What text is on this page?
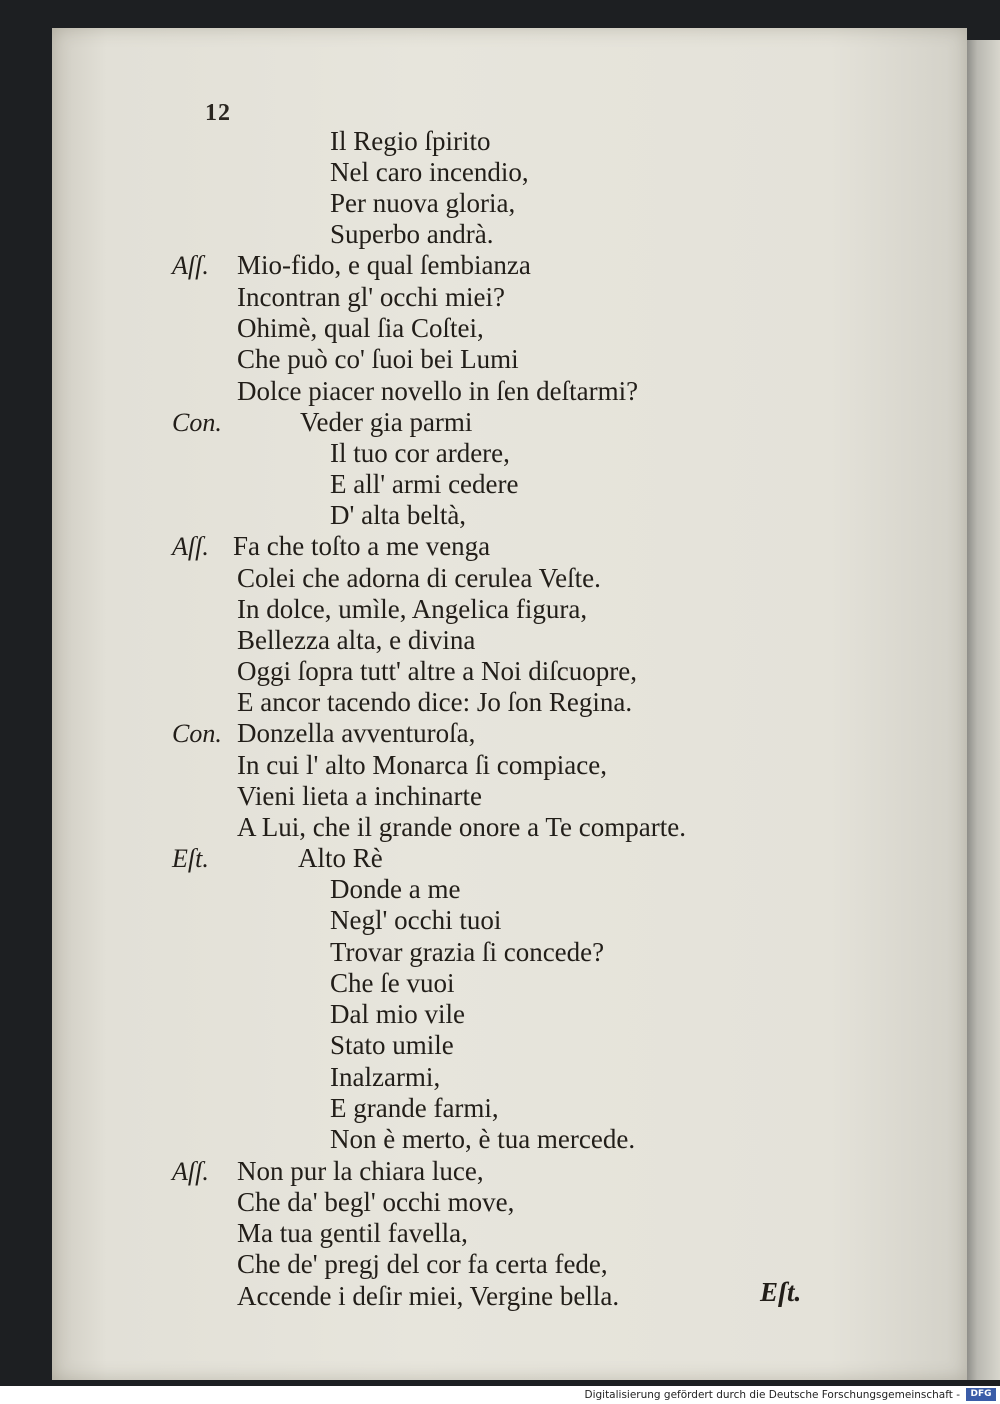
12
Il Regio ſpirito
Nel caro incendio,
Per nuova gloria,
Superbo andrà.
Aſſ. Mio-fido, e qual ſembianza
Incontran gl' occhi miei?
Ohimè, qual ſia Coſtei,
Che può co' ſuoi bei Lumi
Dolce piacer novello in ſen deſtarmi?
Con.	Veder gia parmi
Il tuo cor ardere,
E all' armi cedere
D' alta beltà,
Aſſ. Fa che toſto a me venga
Colei che adorna di cerulea Veſte.
In dolce, umìle, Angelica figura,
Bellezza alta, e divina
Oggi ſopra tutt' altre a Noi diſcuopre,
E ancor tacendo dice: Jo ſon Regina.
Con. Donzella avventuroſa,
In cui l' alto Monarca ſi compiace,
Vieni lieta a inchinarte
A Lui, che il grande onore a Te comparte.
Eſt.	Alto Rè
Donde a me
Negl' occhi tuoi
Trovar grazia ſi concede?
Che ſe vuoi
Dal mio vile
Stato umile
Inalzarmi,
E grande farmi,
Non è merto, è tua mercede.
Aſſ. Non pur la chiara luce,
Che da' begl' occhi move,
Ma tua gentil favella,
Che de' pregj del cor fa certa fede,
Accende i deſir miei, Vergine bella.	Eſt.
Digitalisierung gefördert durch die Deutsche Forschungsgemeinschaft -	DFG
